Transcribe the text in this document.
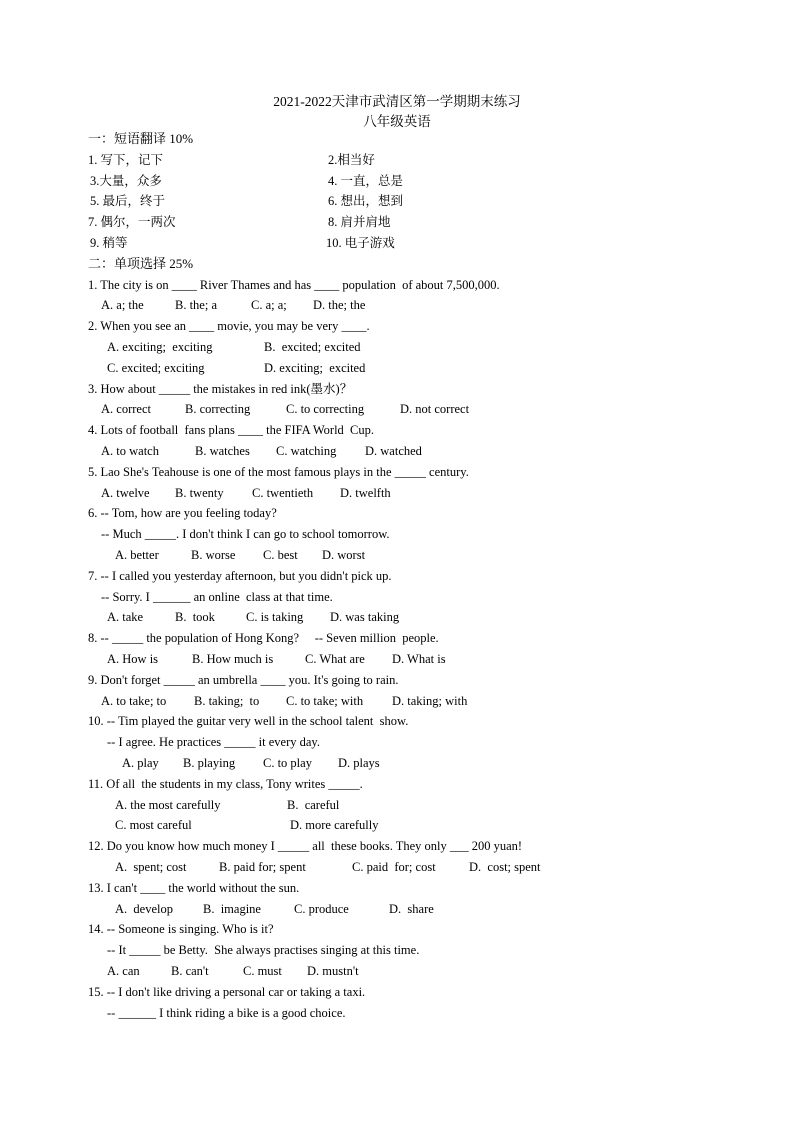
2021-2022天津市武清区第一学期期末练习
八年级英语
一：短语翻译 10%
1. 写下，记下	2.相当好
3.大量，众多	4. 一直，总是
5. 最后，终于	6. 想出，想到
7. 偶尔，一两次	8. 肩并肩地
9. 稍等	10. 电子游戏
二：单项选择 25%
1. The city is on ____ River Thames and has ____ population  of about 7,500,000.
A. a; the	B. the; a	C. a; a; D. the; the
2. When you see an ____ movie, you may be very ____.
A. exciting;  exciting	B.  excited; excited
C. excited; exciting	D. exciting;  excited
3. How about _____ the mistakes in red ink(墨水)？
A. correct	B. correcting	C. to correcting	D. not correct
4. Lots of football  fans plans ____ the FIFA World  Cup.
A. to watch	B. watches C. watching D. watched
5. Lao She's Teahouse is one of the most famous plays in the _____ century.
A. twelve B. twenty C. twentieth D. twelfth
6. -- Tom, how are you feeling today?
-- Much _____. I don't think I can go to school tomorrow.
A. better	B. worse C. best D. worst
7. -- I called you yesterday afternoon, but you didn't pick up.
-- Sorry. I ______ an online  class at that time.
A. take	B.  took C. is taking D. was taking
8. -- _____ the population of Hong Kong?     -- Seven million  people.
A. How is	B. How much is	C. What are D. What is
9. Don't forget _____ an umbrella ____ you. It's going to rain.
A. to take; to B. taking;  to C. to take; with D. taking; with
10. -- Tim played the guitar very well in the school talent  show.
-- I agree. He practices _____ it every day.
A. play B. playing C. to play D. plays
11. Of all  the students in my class, Tony writes _____.
A. the most carefully	B.  careful
C. most careful	D. more carefully
12. Do you know how much money I _____ all  these books. They only ___ 200 yuan!
A.  spent; cost	B. paid for; spent	C. paid  for; cost	D.  cost; spent
13. I can't ____ the world without the sun.
A.  develop B.  imagine	C. produce	D.  share
14. -- Someone is singing. Who is it?
-- It _____ be Betty.  She always practises singing at this time.
A. can	B. can't	C. must D. mustn't
15. -- I don't like driving a personal car or taking a taxi.
-- ______ I think riding a bike is a good choice.
